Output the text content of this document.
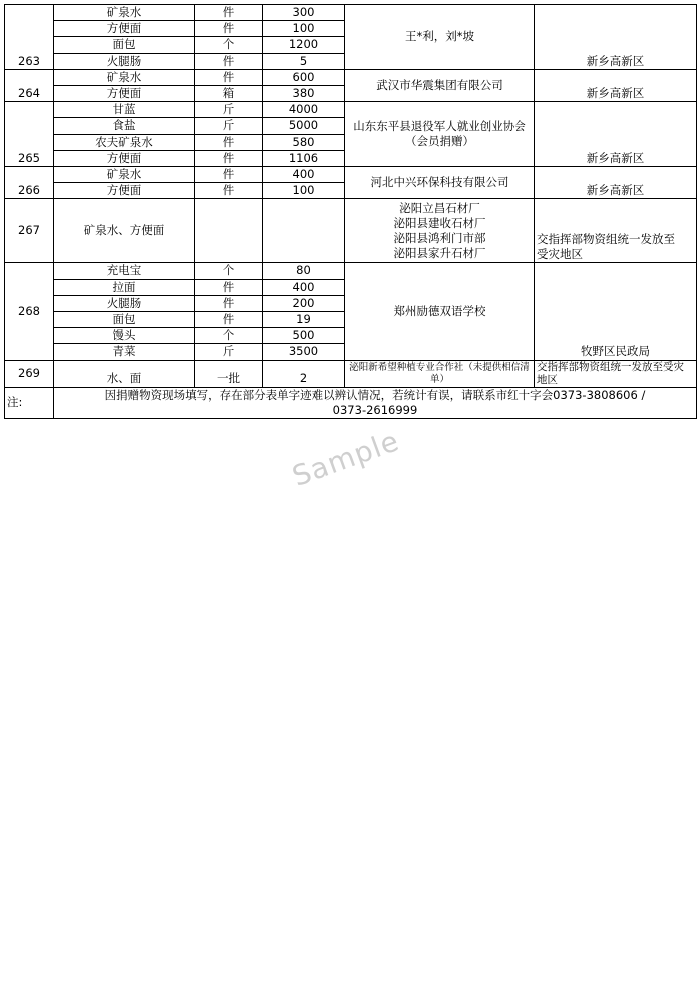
263	矿泉水	件	300	王*利，刘*坡	新乡高新区
	方便面	件	100		
	面包	个	1200		
	火腿肠	件	5		
264	矿泉水	件	600	武汉市华震集团有限公司	新乡高新区
	方便面	箱	380		
265	甘蓝	斤	4000	山东东平县退役军人就业创业协会
（会员捐赠）	新乡高新区
	食盐	斤	5000		
	农夫矿泉水	件	580		
	方便面	件	1106		
266	矿泉水	件	400	河北中兴环保科技有限公司	新乡高新区
	方便面	件	100		
267	矿泉水、方便面			泌阳立昌石材厂
泌阳县建收石材厂
泌阳县鸿利门市部
泌阳县家升石材厂	交指挥部物资组统一发放至
受灾地区

268	充电宝	个	80	郑州励德双语学校	牧野区民政局
	拉面	件	400		
	火腿肠	件	200		
	面包	件	19		
	馒头	个	500		
	青菜	斤	3500		
269	水、面	一批	2	泌阳新希望种植专业合作社（未提供相信清单）	交指挥部物资组统一发放至受灾地区
注:	因捐赠物资现场填写，存在部分表单字迹难以辨认情况，若统计有误，请联系市红十字会0373-3808606 /
0373-2616999				
Sample
